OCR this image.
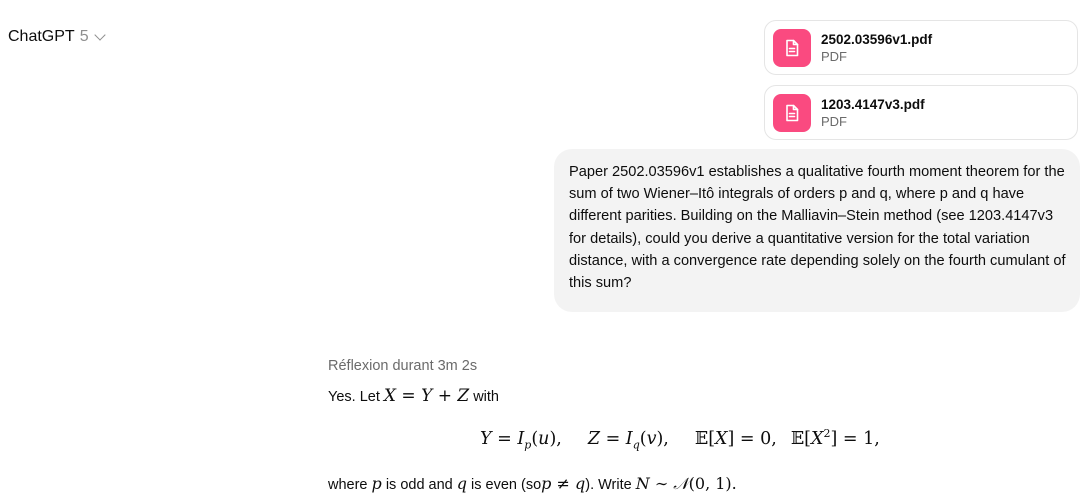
ChatGPT 5	2502.03596v1.pdf
PDF
1203.4147v3.pdf
PDF

Paper 2502.03596v1 establishes a qualitative fourth moment theorem for the sum of two Wiener–Itô integrals of orders p and q, where p and q have different parities. Building on the Malliavin–Stein method (see 1203.4147v3 for details), could you derive a quantitative version for the total variation distance, with a convergence rate depending solely on the fourth cumulant of this sum?

Réflexion durant 3m 2s
Yes. Let X = Y + Z with
$Y = I_p(u)$, $Z = I_q(v)$, 𝔼[X] = 0, $𝔼[X^2] = 1$,
where p is odd and q is even (sop ≠ q). Write N ∼ 𝒩(0, 1).
